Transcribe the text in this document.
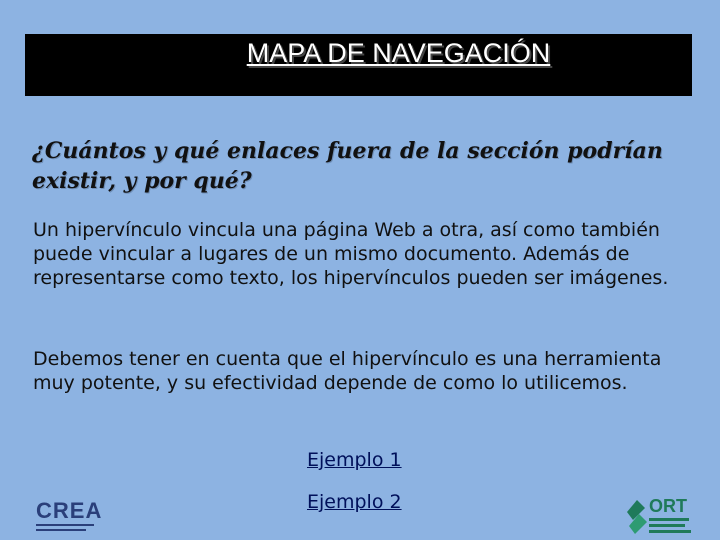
MAPA DE NAVEGACIÓN
¿Cuántos y qué enlaces fuera de la sección podrían existir, y por qué?
Un hipervínculo vincula una página Web a otra, así como también puede vincular a lugares de un mismo documento. Además de representarse como texto, los hipervínculos pueden ser imágenes.
Debemos tener en cuenta que el hipervínculo es una herramienta muy potente, y su efectividad depende de como lo utilicemos.
Ejemplo 1
Ejemplo 2
CREA	ORT
